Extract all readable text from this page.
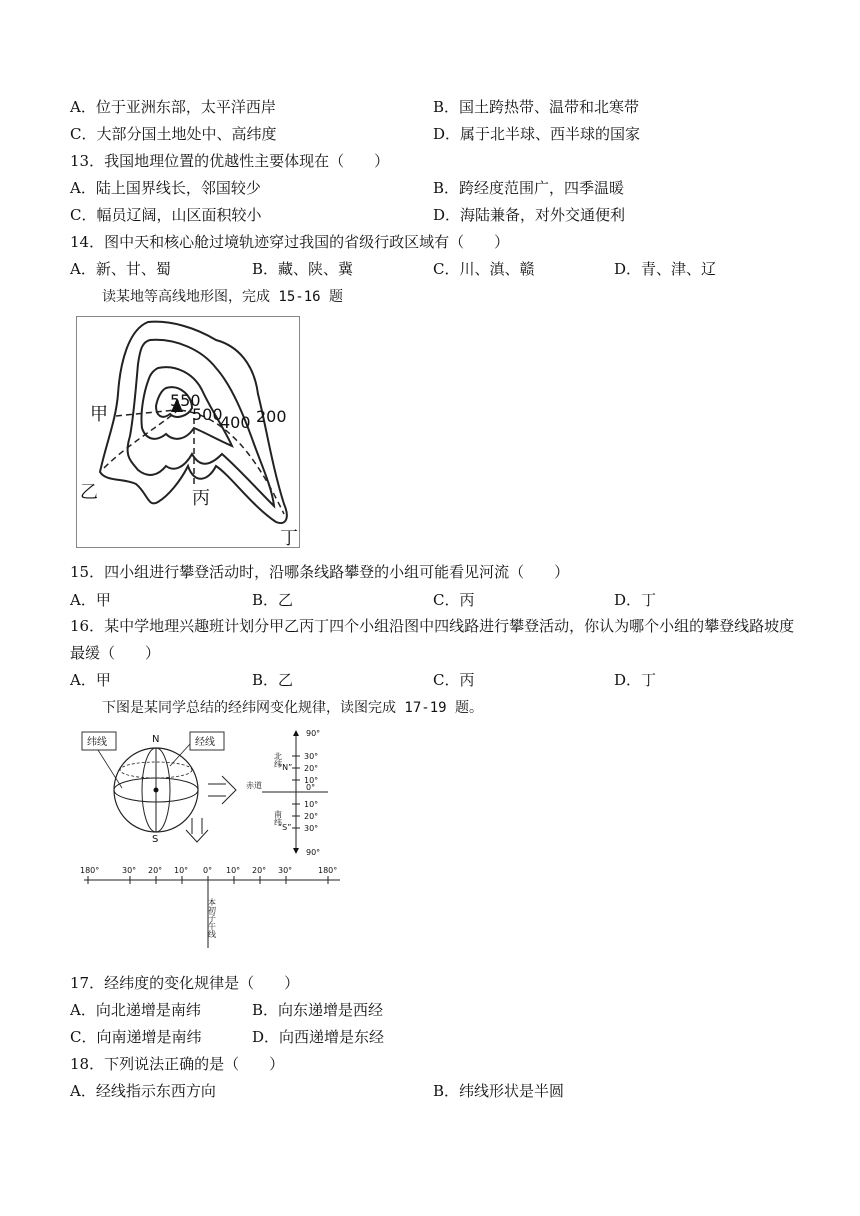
A．位于亚洲东部，太平洋西岸	B．国土跨热带、温带和北寒带
C．大部分国土地处中、高纬度	D．属于北半球、西半球的国家
13．我国地理位置的优越性主要体现在（　　）
A．陆上国界线长，邻国较少	B．跨经度范围广，四季温暖
C．幅员辽阔，山区面积较小	D．海陆兼备，对外交通便利
14．图中天和核心舱过境轨迹穿过我国的省级行政区域有（　　）
A．新、甘、蜀	B．藏、陕、冀	C．川、滇、赣	D．青、津、辽
读某地等高线地形图，完成 15-16 题
甲
乙	丙
丁
550
500
400 200
15．四小组进行攀登活动时，沿哪条线路攀登的小组可能看见河流（　　）
A．甲	B．乙	C．丙	D．丁
16．某中学地理兴趣班计划分甲乙丙丁四个小组沿图中四线路进行攀登活动，你认为哪个小组的攀登线路坡度
最缓（　　）
A．甲	B．乙	C．丙	D．丁
下图是某同学总结的经纬网变化规律，读图完成 17-19 题。
纬线	经线
N
S
赤道
北纬
“N”
南纬
“S”
90°
30°
20°
10°
0°
10°
20°
30°
90°
180°	30° 20° 10° 0° 10° 20° 30°	180°
本初子午线
17．经纬度的变化规律是（　　）
A．向北递增是南纬	B．向东递增是西经
C．向南递增是南纬	D．向西递增是东经
18．下列说法正确的是（　　）
A．经线指示东西方向	B．纬线形状是半圆
